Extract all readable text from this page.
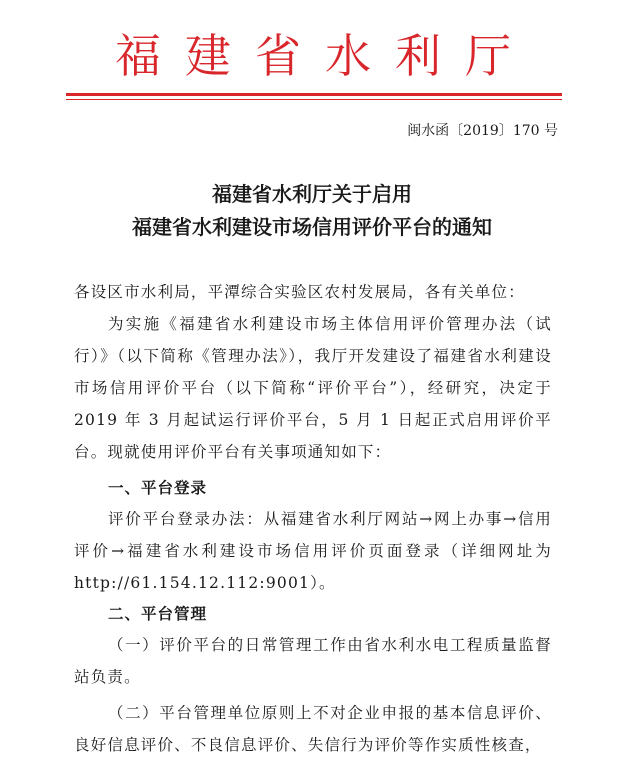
福建省水利厅
闽水函〔2019〕170 号
福建省水利厅关于启用
福建省水利建设市场信用评价平台的通知
各设区市水利局，平潭综合实验区农村发展局，各有关单位：
为实施《福建省水利建设市场主体信用评价管理办法（试行）》（以下简称《管理办法》），我厅开发建设了福建省水利建设市场信用评价平台（以下简称“评价平台”），经研究，决定于2019 年 3 月起试运行评价平台，5 月 1 日起正式启用评价平台。现就使用评价平台有关事项通知如下：
一、平台登录
评价平台登录办法：从福建省水利厅网站→网上办事→信用评价→福建省水利建设市场信用评价页面登录（详细网址为 http://61.154.12.112:9001）。
二、平台管理
（一）评价平台的日常管理工作由省水利水电工程质量监督站负责。
（二）平台管理单位原则上不对企业申报的基本信息评价、良好信息评价、不良信息评价、失信行为评价等作实质性核查，
